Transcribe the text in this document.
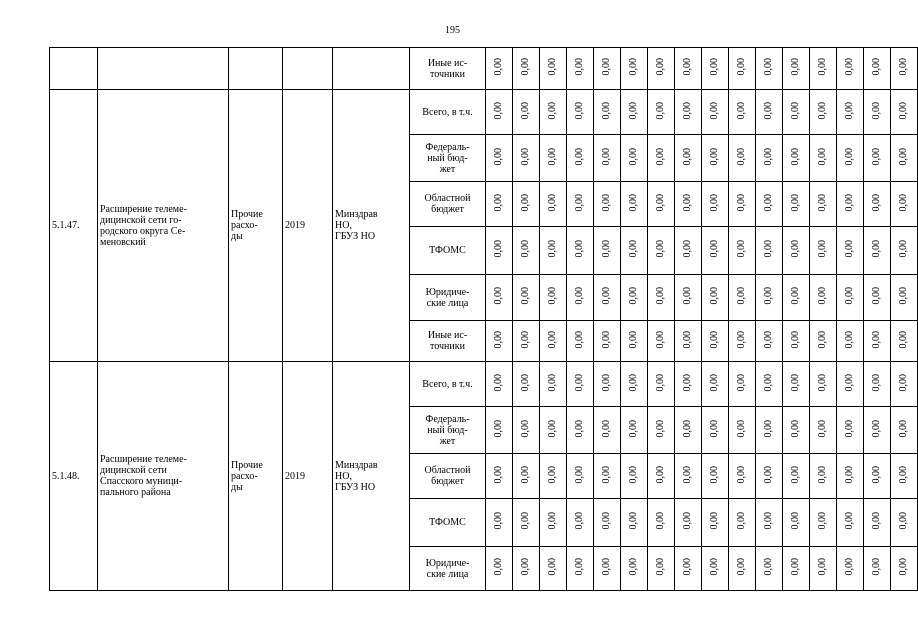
195
					Иные ис-
точники	0,00	0,00	0,00	0,00	0,00	0,00	0,00	0,00	0,00	0,00	0,00	0,00	0,00	0,00	0,00	0,00
5.1.47.	Расширение телеме-
дицинской сети го-
родского округа Се-
меновский	Прочие
расхо-
ды	2019	Минздрав
НО,
ГБУЗ НО	Всего, в т.ч.	0,00	0,00	0,00	0,00	0,00	0,00	0,00	0,00	0,00	0,00	0,00	0,00	0,00	0,00	0,00	0,00
					Федераль-
ный бюд-
жет	0,00	0,00	0,00	0,00	0,00	0,00	0,00	0,00	0,00	0,00	0,00	0,00	0,00	0,00	0,00	0,00
					Областной
бюджет	0,00	0,00	0,00	0,00	0,00	0,00	0,00	0,00	0,00	0,00	0,00	0,00	0,00	0,00	0,00	0,00
					ТФОМС	0,00	0,00	0,00	0,00	0,00	0,00	0,00	0,00	0,00	0,00	0,00	0,00	0,00	0,00	0,00	0,00
					Юридиче-
ские лица	0,00	0,00	0,00	0,00	0,00	0,00	0,00	0,00	0,00	0,00	0,00	0,00	0,00	0,00	0,00	0,00
					Иные ис-
точники	0,00	0,00	0,00	0,00	0,00	0,00	0,00	0,00	0,00	0,00	0,00	0,00	0,00	0,00	0,00	0,00
5.1.48.	Расширение телеме-
дицинской сети
Спасского муници-
пального района	Прочие
расхо-
ды	2019	Минздрав
НО,
ГБУЗ НО	Всего, в т.ч.	0,00	0,00	0,00	0,00	0,00	0,00	0,00	0,00	0,00	0,00	0,00	0,00	0,00	0,00	0,00	0,00
					Федераль-
ный бюд-
жет	0,00	0,00	0,00	0,00	0,00	0,00	0,00	0,00	0,00	0,00	0,00	0,00	0,00	0,00	0,00	0,00
					Областной
бюджет	0,00	0,00	0,00	0,00	0,00	0,00	0,00	0,00	0,00	0,00	0,00	0,00	0,00	0,00	0,00	0,00
					ТФОМС	0,00	0,00	0,00	0,00	0,00	0,00	0,00	0,00	0,00	0,00	0,00	0,00	0,00	0,00	0,00	0,00
					Юридиче-
ские лица	0,00	0,00	0,00	0,00	0,00	0,00	0,00	0,00	0,00	0,00	0,00	0,00	0,00	0,00	0,00	0,00
